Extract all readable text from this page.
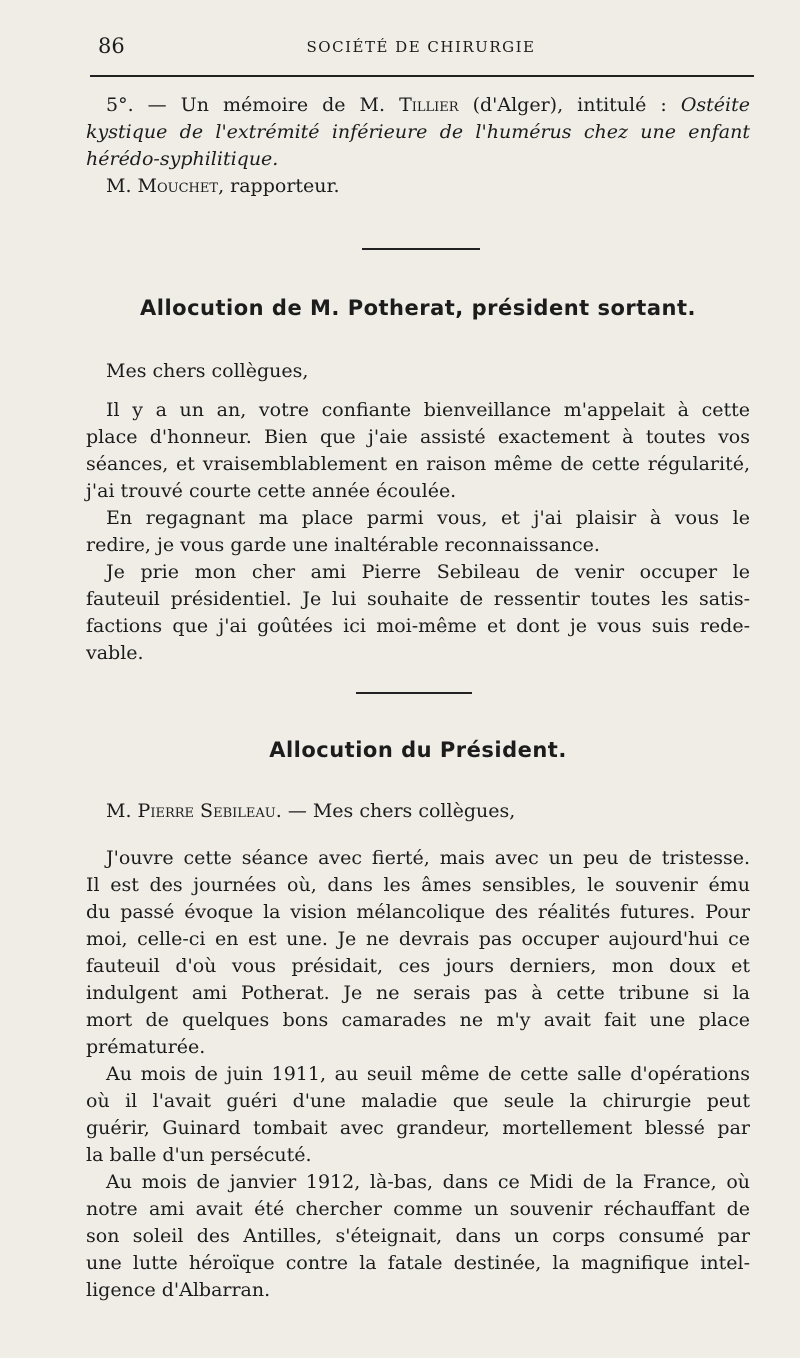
86	SOCIÉTÉ DE CHIRURGIE
5°. — Un mémoire de M. Tillier (d'Alger), intitulé : Ostéite
kystique de l'extrémité inférieure de l'humérus chez une enfant
hérédo-syphilitique.
M. Mouchet, rapporteur.
Allocution de M. Potherat, président sortant.
Mes chers collègues,
Il y a un an, votre confiante bienveillance m'appelait à cette
place d'honneur. Bien que j'aie assisté exactement à toutes vos
séances, et vraisemblablement en raison même de cette régularité,
j'ai trouvé courte cette année écoulée.
En regagnant ma place parmi vous, et j'ai plaisir à vous le
redire, je vous garde une inaltérable reconnaissance.
Je prie mon cher ami Pierre Sebileau de venir occuper le
fauteuil présidentiel. Je lui souhaite de ressentir toutes les satis-
factions que j'ai goûtées ici moi-même et dont je vous suis rede-
vable.
Allocution du Président.
M. Pierre Sebileau. — Mes chers collègues,
J'ouvre cette séance avec fierté, mais avec un peu de tristesse.
Il est des journées où, dans les âmes sensibles, le souvenir ému
du passé évoque la vision mélancolique des réalités futures. Pour
moi, celle-ci en est une. Je ne devrais pas occuper aujourd'hui ce
fauteuil d'où vous présidait, ces jours derniers, mon doux et
indulgent ami Potherat. Je ne serais pas à cette tribune si la
mort de quelques bons camarades ne m'y avait fait une place
prématurée.
Au mois de juin 1911, au seuil même de cette salle d'opérations
où il l'avait guéri d'une maladie que seule la chirurgie peut
guérir, Guinard tombait avec grandeur, mortellement blessé par
la balle d'un persécuté.
Au mois de janvier 1912, là-bas, dans ce Midi de la France, où
notre ami avait été chercher comme un souvenir réchauffant de
son soleil des Antilles, s'éteignait, dans un corps consumé par
une lutte héroïque contre la fatale destinée, la magnifique intel-
ligence d'Albarran.
